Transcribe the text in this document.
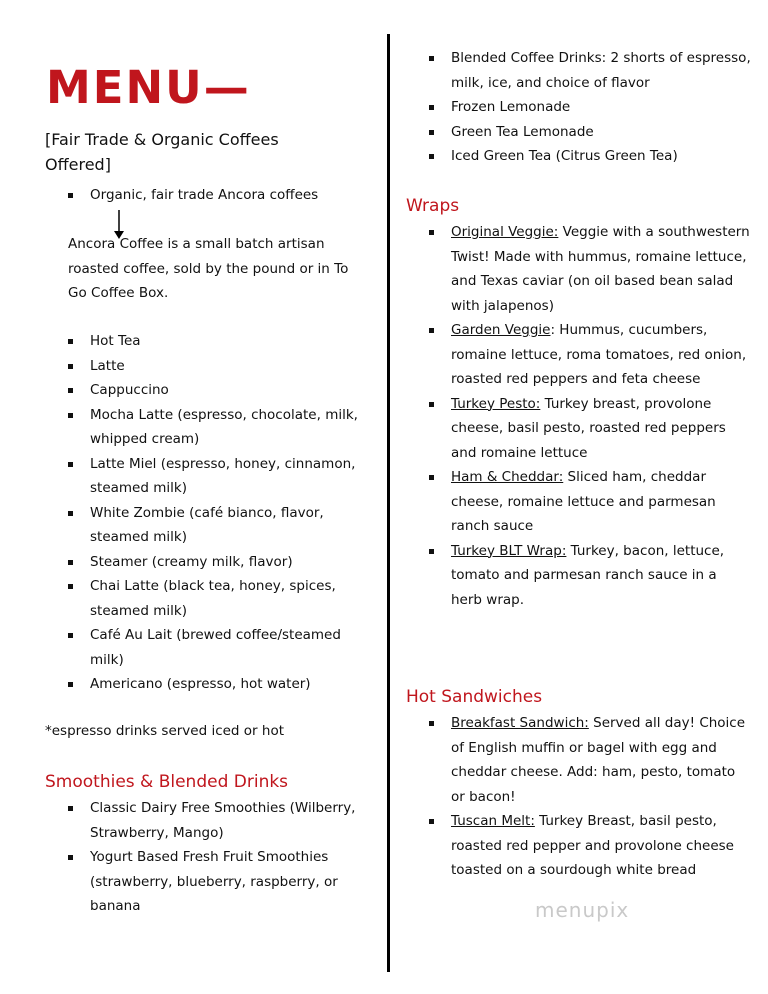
MENU—

[Fair Trade & Organic Coffees Offered]

Organic, fair trade Ancora coffees

Ancora Coffee is a small batch artisan roasted coffee, sold by the pound or in To Go Coffee Box.

Hot Tea
Latte
Cappuccino
Mocha Latte (espresso, chocolate, milk, whipped cream)
Latte Miel (espresso, honey, cinnamon, steamed milk)
White Zombie (café bianco, flavor, steamed milk)
Steamer (creamy milk, flavor)
Chai Latte (black tea, honey, spices, steamed milk)
Café Au Lait (brewed coffee/steamed milk)
Americano (espresso, hot water)

*espresso drinks served iced or hot

Smoothies & Blended Drinks
Classic Dairy Free Smoothies (Wilberry, Strawberry, Mango)
Yogurt Based Fresh Fruit Smoothies (strawberry, blueberry, raspberry, or banana
Blended Coffee Drinks: 2 shorts of espresso, milk, ice, and choice of flavor
Frozen Lemonade
Green Tea Lemonade
Iced Green Tea (Citrus Green Tea)
Wraps
Original Veggie: Veggie with a southwestern Twist! Made with hummus, romaine lettuce, and Texas caviar (on oil based bean salad with jalapenos)
Garden Veggie: Hummus, cucumbers, romaine lettuce, roma tomatoes, red onion, roasted red peppers and feta cheese
Turkey Pesto: Turkey breast, provolone cheese, basil pesto, roasted red peppers and romaine lettuce
Ham & Cheddar: Sliced ham, cheddar cheese, romaine lettuce and parmesan ranch sauce
Turkey BLT Wrap: Turkey, bacon, lettuce, tomato and parmesan ranch sauce in a herb wrap.
Hot Sandwiches
Breakfast Sandwich: Served all day! Choice of English muffin or bagel with egg and cheddar cheese. Add: ham, pesto, tomato or bacon!
Tuscan Melt: Turkey Breast, basil pesto, roasted red pepper and provolone cheese toasted on a sourdough white bread

menupix
